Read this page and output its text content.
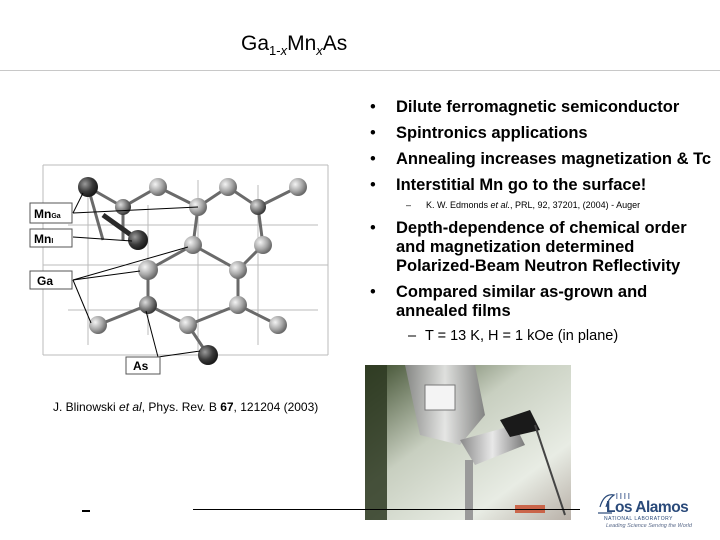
$Ga_{1-x}Mn_xAs$

• Dilute ferromagnetic semiconductor

• Spintronics applications

• Annealing increases magnetization & Tc

• Interstitial Mn go to the surface!

– K. W. Edmonds et al., PRL, 92, 37201, (2004) - Auger

• Depth-dependence of chemical order and magnetization determined Polarized-Beam Neutron Reflectivity

• Compared similar as-grown and annealed films

– T = 13 K, H = 1 kOe (in plane)
MnGa
MnI
Ga
As
J. Blinowski et al, Phys. Rev. B 67, 121204 (2003)
Los Alamos
NATIONAL LABORATORY
Leading Science Serving the World
